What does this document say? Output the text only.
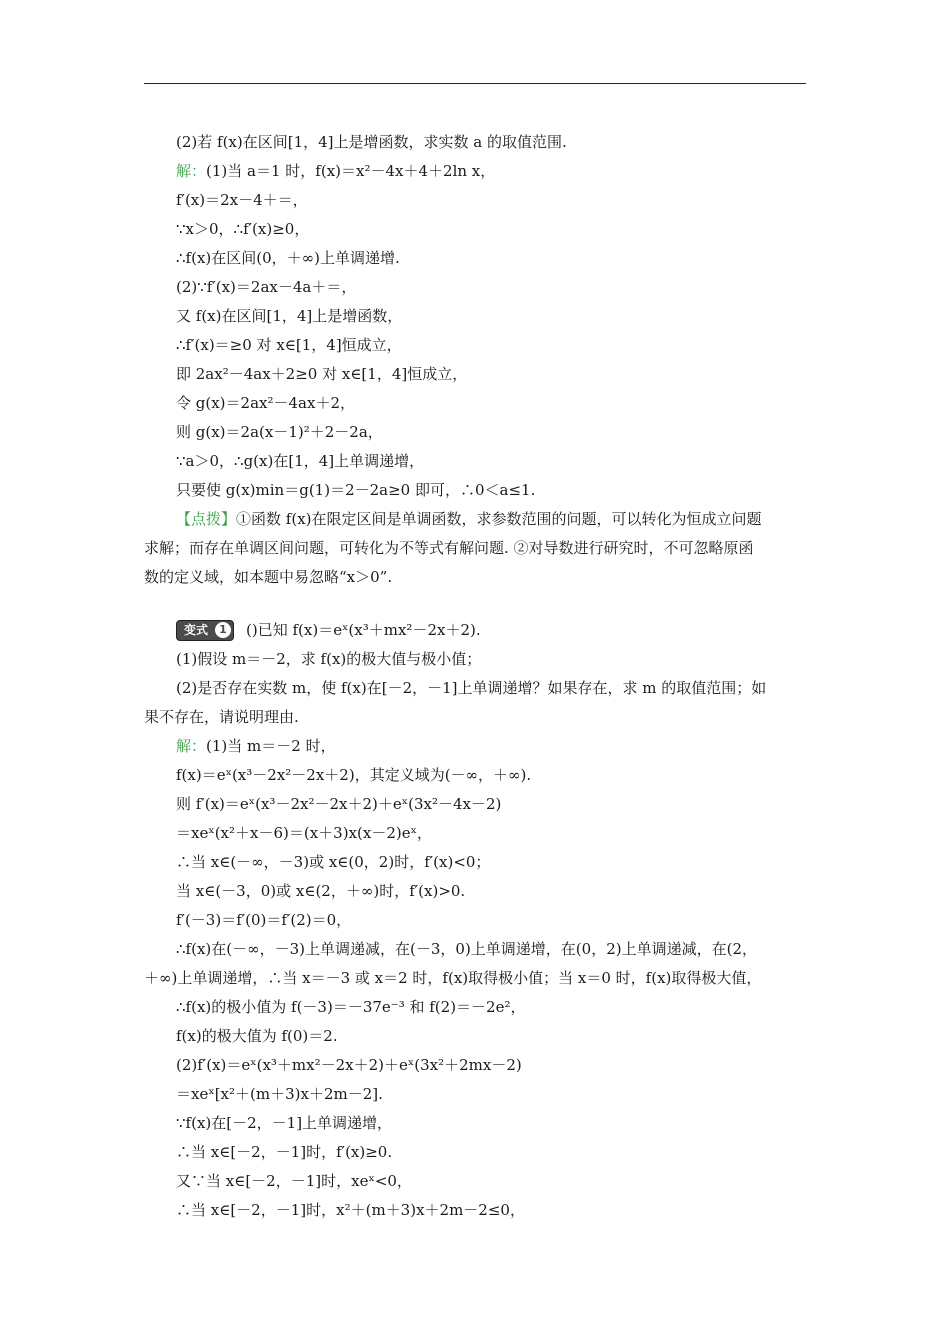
(2)若 f(x)在区间[1，4]上是增函数，求实数 a 的取值范围.
解：(1)当 a＝1 时，f(x)＝x²－4x＋4＋2ln x，
f′(x)＝2x－4＋＝，
∵x＞0，∴f′(x)≥0，
∴f(x)在区间(0，＋∞)上单调递增.
(2)∵f′(x)＝2ax－4a＋＝，
又 f(x)在区间[1，4]上是增函数，
∴f′(x)＝≥0 对 x∈[1，4]恒成立，
即 2ax²－4ax＋2≥0 对 x∈[1，4]恒成立，
令 g(x)＝2ax²－4ax＋2，
则 g(x)＝2a(x－1)²＋2－2a，
∵a＞0，∴g(x)在[1，4]上单调递增，
只要使 g(x)min＝g(1)＝2－2a≥0 即可，∴0＜a≤1.
【点拨】①函数 f(x)在限定区间是单调函数，求参数范围的问题，可以转化为恒成立问题
求解；而存在单调区间问题，可转化为不等式有解问题. ②对导数进行研究时，不可忽略原函
数的定义域，如本题中易忽略“x＞0”.
变式	1 ()已知 f(x)＝eˣ(x³＋mx²－2x＋2).
(1)假设 m＝－2，求 f(x)的极大值与极小值；
(2)是否存在实数 m，使 f(x)在[－2，－1]上单调递增？如果存在，求 m 的取值范围；如
果不存在，请说明理由.
解：(1)当 m＝－2 时，
f(x)＝eˣ(x³－2x²－2x＋2)，其定义域为(－∞，＋∞).
则 f′(x)＝eˣ(x³－2x²－2x＋2)＋eˣ(3x²－4x－2)
＝xeˣ(x²＋x－6)＝(x＋3)x(x－2)eˣ，
∴当 x∈(－∞，－3)或 x∈(0，2)时，f′(x)<0；
当 x∈(－3，0)或 x∈(2，＋∞)时，f′(x)>0.
f′(－3)＝f′(0)＝f′(2)＝0，
∴f(x)在(－∞，－3)上单调递减，在(－3，0)上单调递增，在(0，2)上单调递减，在(2，
＋∞)上单调递增，∴当 x＝－3 或 x＝2 时，f(x)取得极小值；当 x＝0 时，f(x)取得极大值，
∴f(x)的极小值为 f(－3)＝－37e⁻³ 和 f(2)＝－2e²，
f(x)的极大值为 f(0)＝2.
(2)f′(x)＝eˣ(x³＋mx²－2x＋2)＋eˣ(3x²＋2mx－2)
＝xeˣ[x²＋(m＋3)x＋2m－2].
∵f(x)在[－2，－1]上单调递增，
∴当 x∈[－2，－1]时，f′(x)≥0.
又∵当 x∈[－2，－1]时，xeˣ<0，
∴当 x∈[－2，－1]时，x²＋(m＋3)x＋2m－2≤0，
